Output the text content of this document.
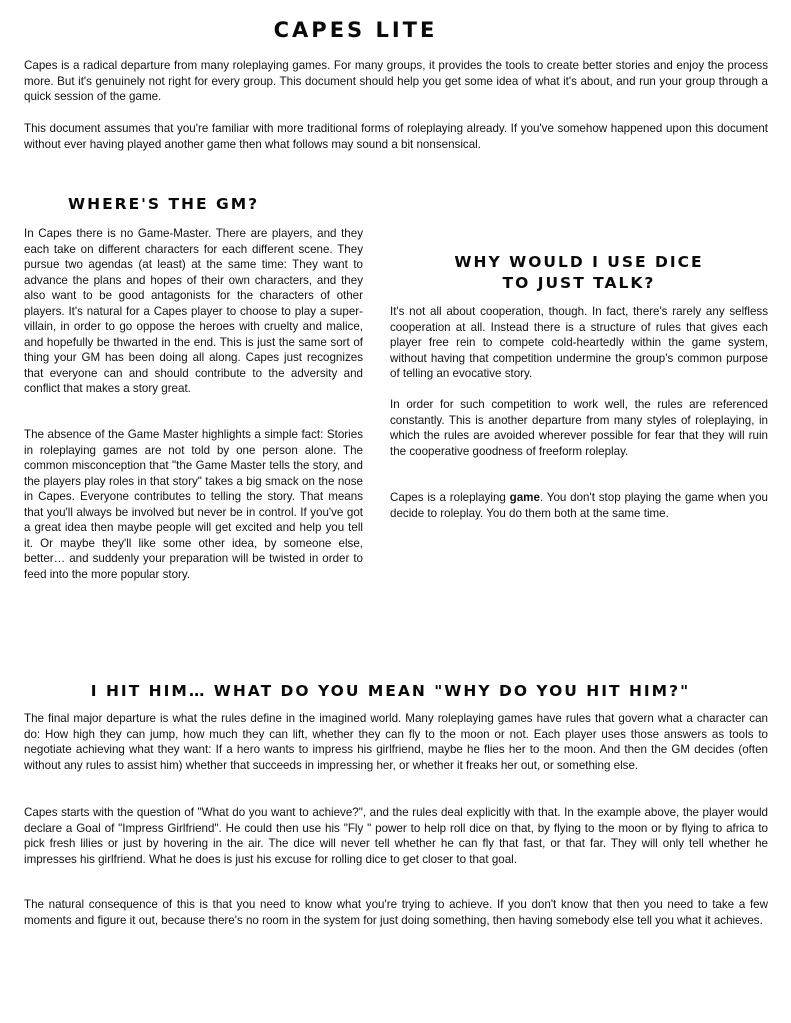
CAPES LITE

Capes is a radical departure from many roleplaying games. For many groups, it provides the tools to create better stories and enjoy the process more. But it's genuinely not right for every group. This document should help you get some idea of what it's about, and run your group through a quick session of the game.

This document assumes that you're familiar with more traditional forms of roleplaying already. If you've somehow happened upon this document without ever having played another game then what follows may sound a bit nonsensical.

WHERE'S THE GM?

In Capes there is no Game-Master. There are players, and they each take on different characters for each different scene. They pursue two agendas (at least) at the same time: They want to advance the plans and hopes of their own characters, and they also want to be good antagonists for the characters of other players. It's natural for a Capes player to choose to play a super-villain, in order to go oppose the heroes with cruelty and malice, and hopefully be thwarted in the end. This is just the same sort of thing your GM has been doing all along. Capes just recognizes that everyone can and should contribute to the adversity and conflict that makes a story great.

The absence of the Game Master highlights a simple fact: Stories in roleplaying games are not told by one person alone. The common misconception that "the Game Master tells the story, and the players play roles in that story" takes a big smack on the nose in Capes. Everyone contributes to telling the story. That means that you'll always be involved but never be in control. If you've got a great idea then maybe people will get excited and help you tell it. Or maybe they'll like some other idea, by someone else, better… and suddenly your preparation will be twisted in order to feed into the more popular story.

WHY WOULD I USE DICE
TO JUST TALK?

It's not all about cooperation, though. In fact, there's rarely any selfless cooperation at all. Instead there is a structure of rules that gives each player free rein to compete cold-heartedly within the game system, without having that competition undermine the group's common purpose of telling an evocative story.

In order for such competition to work well, the rules are referenced constantly. This is another departure from many styles of roleplaying, in which the rules are avoided wherever possible for fear that they will ruin the cooperative goodness of freeform roleplay.

Capes is a roleplaying game. You don't stop playing the game when you decide to roleplay. You do them both at the same time.

I HIT HIM… WHAT DO YOU MEAN "WHY DO YOU HIT HIM?"

The final major departure is what the rules define in the imagined world. Many roleplaying games have rules that govern what a character can do: How high they can jump, how much they can lift, whether they can fly to the moon or not. Each player uses those answers as tools to negotiate achieving what they want: If a hero wants to impress his girlfriend, maybe he flies her to the moon. And then the GM decides (often without any rules to assist him) whether that succeeds in impressing her, or whether it freaks her out, or something else.

Capes starts with the question of "What do you want to achieve?", and the rules deal explicitly with that. In the example above, the player would declare a Goal of "Impress Girlfriend". He could then use his "Fly " power to help roll dice on that, by flying to the moon or by flying to africa to pick fresh lilies or just by hovering in the air. The dice will never tell whether he can fly that fast, or that far. They will only tell whether he impresses his girlfriend. What he does is just his excuse for rolling dice to get closer to that goal.

The natural consequence of this is that you need to know what you're trying to achieve. If you don't know that then you need to take a few moments and figure it out, because there's no room in the system for just doing something, then having somebody else tell you what it achieves.
